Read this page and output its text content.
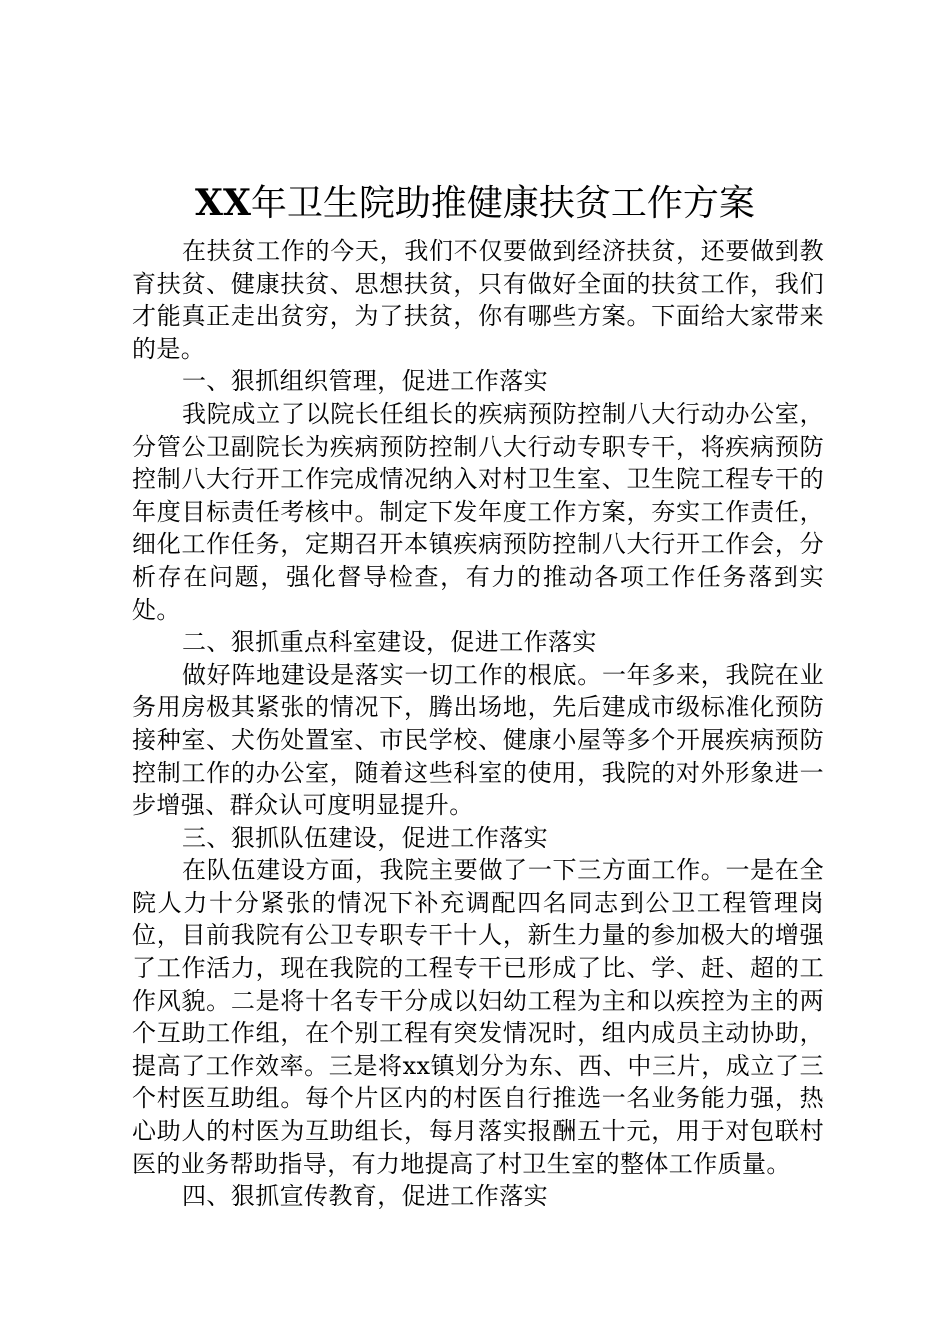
XX年卫生院助推健康扶贫工作方案

在扶贫工作的今天，我们不仅要做到经济扶贫，还要做到教育扶贫、健康扶贫、思想扶贫，只有做好全面的扶贫工作，我们才能真正走出贫穷，为了扶贫，你有哪些方案。下面给大家带来的是。

一、狠抓组织管理，促进工作落实

我院成立了以院长任组长的疾病预防控制八大行动办公室，分管公卫副院长为疾病预防控制八大行动专职专干，将疾病预防控制八大行开工作完成情况纳入对村卫生室、卫生院工程专干的年度目标责任考核中。制定下发年度工作方案，夯实工作责任，细化工作任务，定期召开本镇疾病预防控制八大行开工作会，分析存在问题，强化督导检查，有力的推动各项工作任务落到实处。

二、狠抓重点科室建设，促进工作落实

做好阵地建设是落实一切工作的根底。一年多来，我院在业务用房极其紧张的情况下，腾出场地，先后建成市级标准化预防接种室、犬伤处置室、市民学校、健康小屋等多个开展疾病预防控制工作的办公室，随着这些科室的使用，我院的对外形象进一步增强、群众认可度明显提升。

三、狠抓队伍建设，促进工作落实

在队伍建设方面，我院主要做了一下三方面工作。一是在全院人力十分紧张的情况下补充调配四名同志到公卫工程管理岗位，目前我院有公卫专职专干十人，新生力量的参加极大的增强了工作活力，现在我院的工程专干已形成了比、学、赶、超的工作风貌。二是将十名专干分成以妇幼工程为主和以疾控为主的两个互助工作组，在个别工程有突发情况时，组内成员主动协助，提高了工作效率。三是将xx镇划分为东、西、中三片，成立了三个村医互助组。每个片区内的村医自行推选一名业务能力强，热心助人的村医为互助组长，每月落实报酬五十元，用于对包联村医的业务帮助指导，有力地提高了村卫生室的整体工作质量。

四、狠抓宣传教育，促进工作落实
